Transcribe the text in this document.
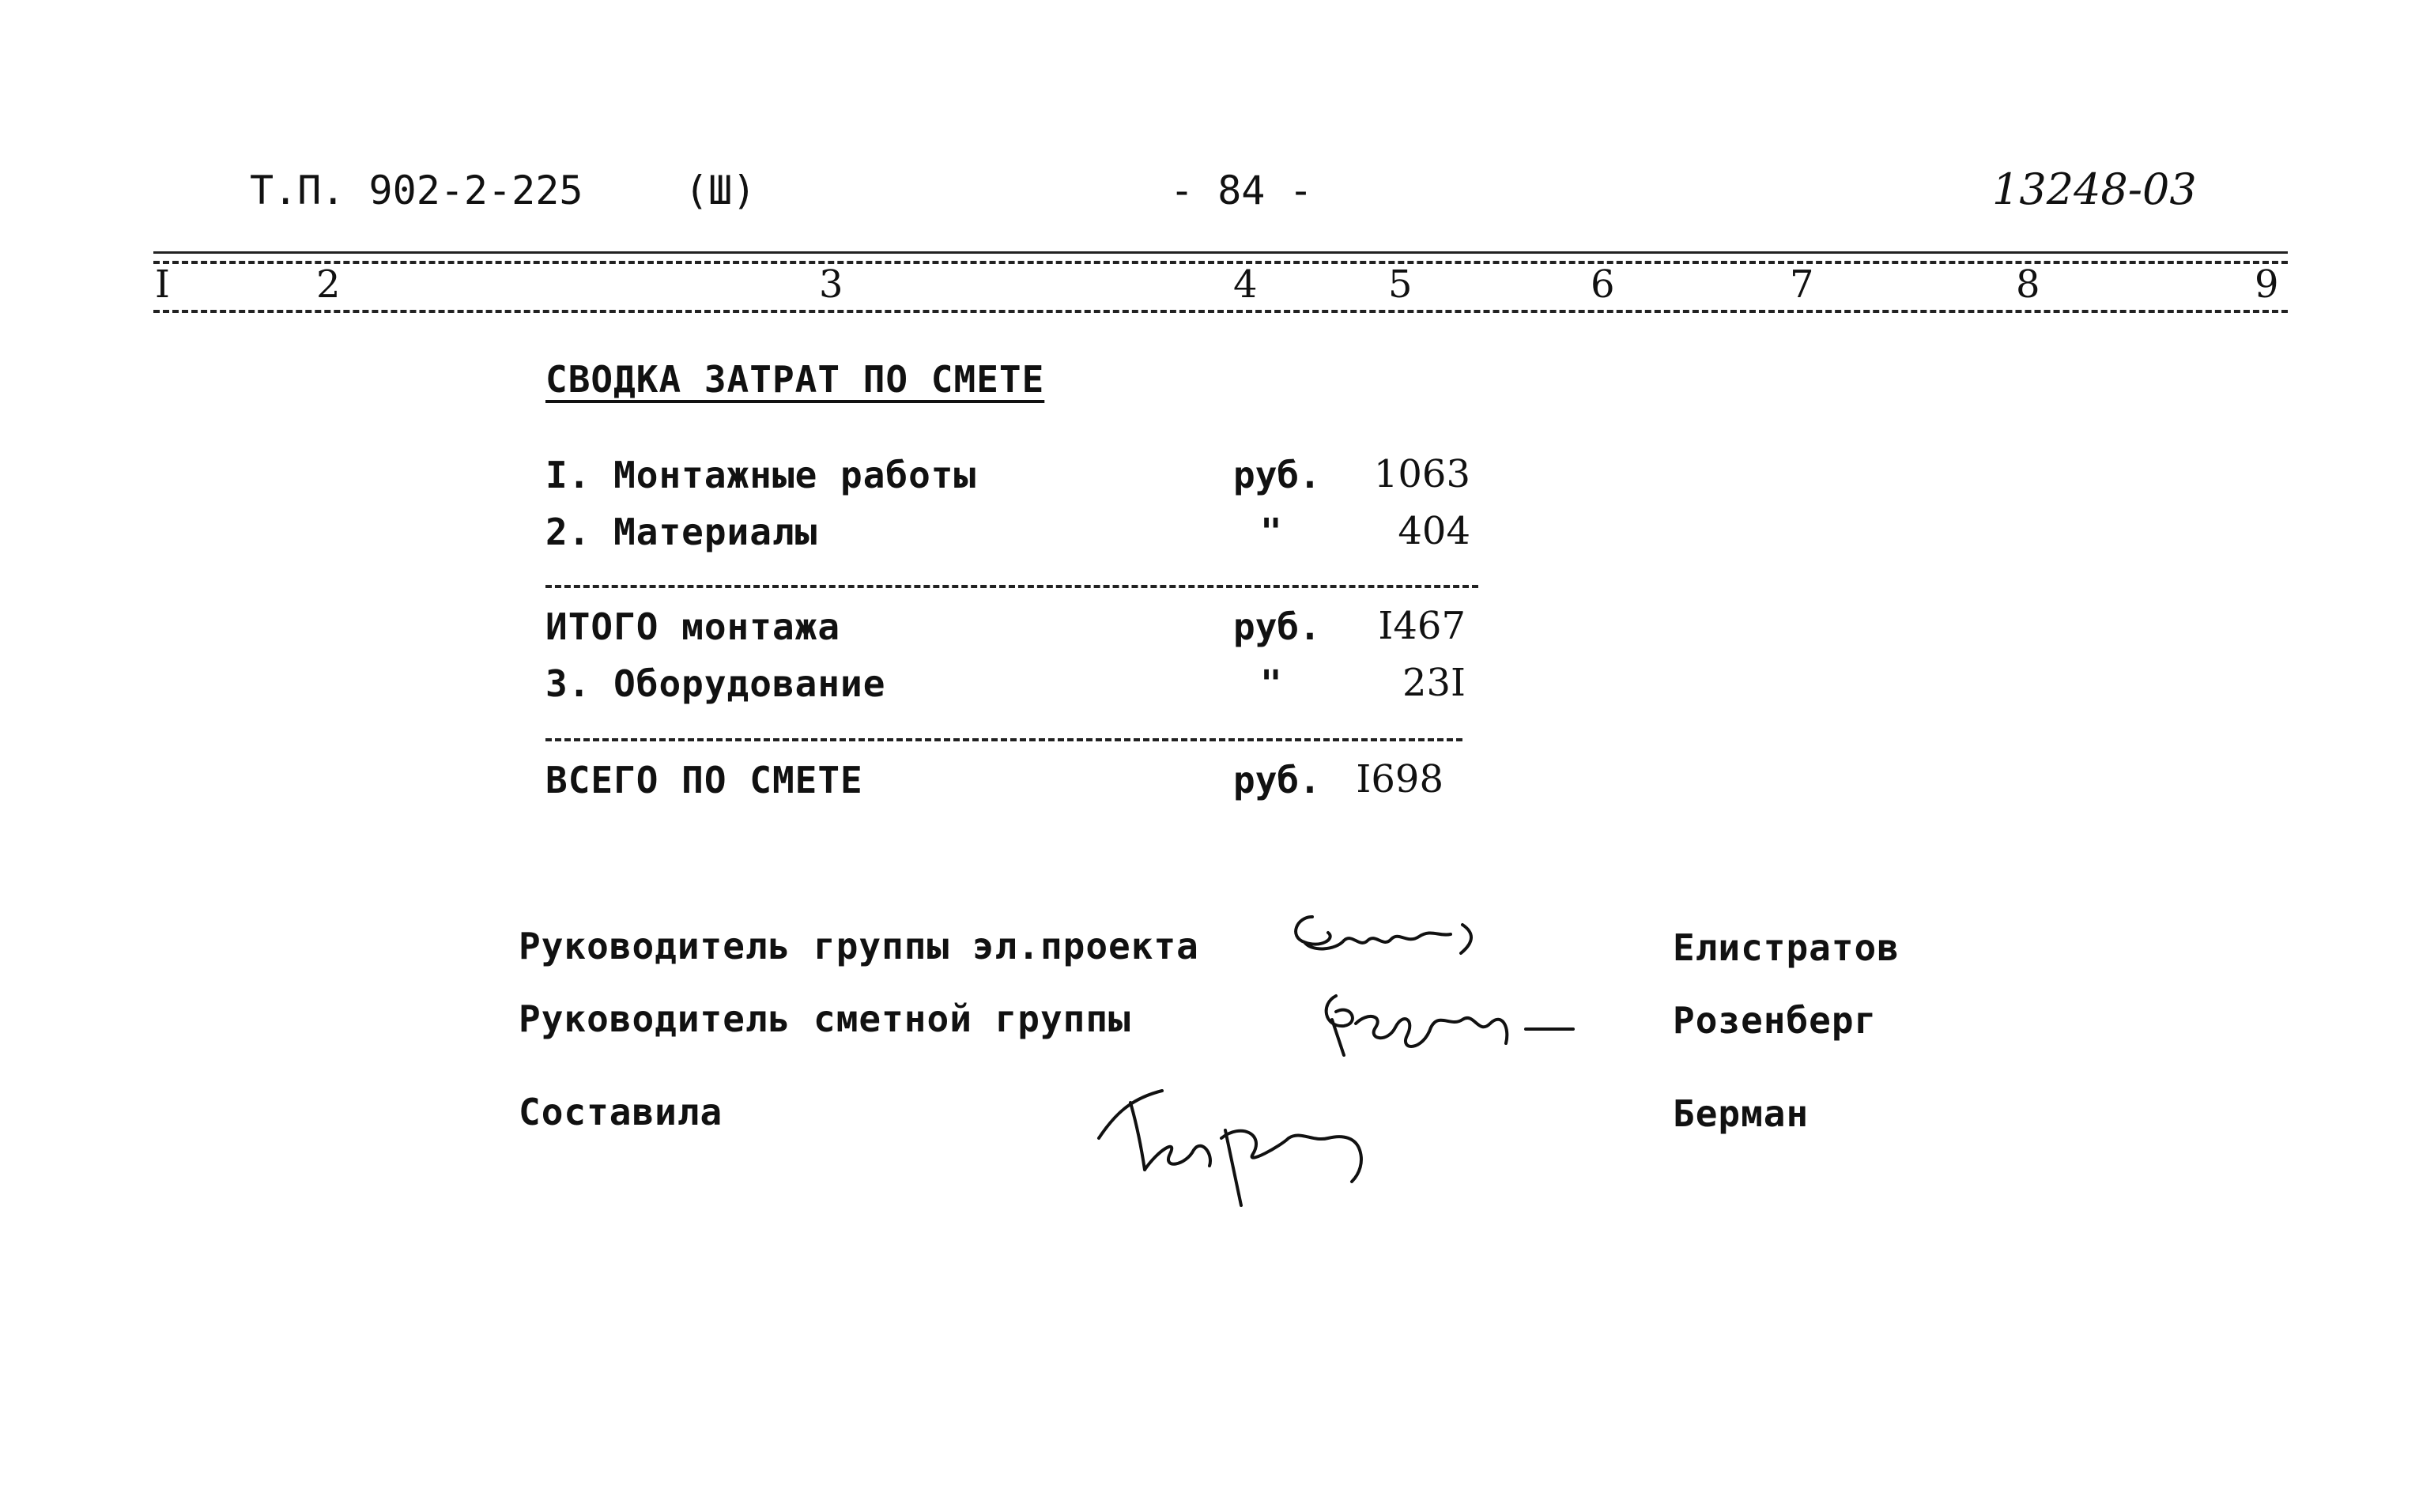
Т.П. 902-2-225	(Ш)	- 84 -	13248-03
I	2	3	4	5	6	7	8	9
СВОДКА ЗАТРАТ ПО СМЕТЕ
I. Монтажные работы	руб.	1063
2. Материалы	"	404
ИТОГО монтажа	руб.	I467
3. Оборудование	"	23I
ВСЕГО ПО СМЕТЕ	руб. I698
Руководитель группы эл.проекта	Елистратов
Руководитель сметной группы	Розенберг
Составила	Берман
